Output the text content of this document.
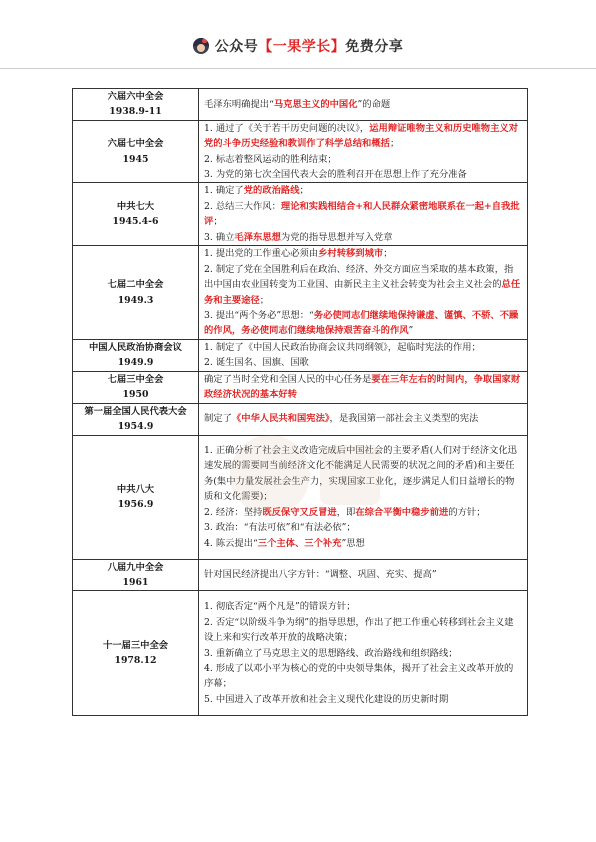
公众号【一果学长】免费分享
六届六中全会
1938.9-11	毛泽东明确提出“马克思主义的中国化”的命题

六届七中全会
1945	1. 通过了《关于若干历史问题的决议》，运用辩证唯物主义和历史唯物主义对党的斗争历史经验和教训作了科学总结和概括；
2. 标志着整风运动的胜利结束；
3. 为党的第七次全国代表大会的胜利召开在思想上作了充分准备

中共七大
1945.4-6	1. 确定了党的政治路线；
2. 总结三大作风：理论和实践相结合+和人民群众紧密地联系在一起+自我批评；
3. 确立毛泽东思想为党的指导思想并写入党章

七届二中全会
1949.3	1. 提出党的工作重心必须由乡村转移到城市；
2. 制定了党在全国胜利后在政治、经济、外交方面应当采取的基本政策，指出中国由农业国转变为工业国、由新民主主义社会转变为社会主义社会的总任务和主要途径；
3. 提出“两个务必”思想：“务必使同志们继续地保持谦虚、谨慎、不骄、不躁的作风，务必使同志们继续地保持艰苦奋斗的作风”

中国人民政治协商会议
1949.9	1. 制定了《中国人民政治协商会议共同纲领》，起临时宪法的作用；
2. 诞生国名、国旗、国歌

七届三中全会
1950	确定了当时全党和全国人民的中心任务是要在三年左右的时间内，争取国家财政经济状况的基本好转

第一届全国人民代表大会
1954.9	制定了《中华人民共和国宪法》，是我国第一部社会主义类型的宪法

中共八大
1956.9	1. 正确分析了社会主义改造完成后中国社会的主要矛盾(人们对于经济文化迅速发展的需要同当前经济文化不能满足人民需要的状况之间的矛盾)和主要任务(集中力量发展社会生产力，实现国家工业化，逐步满足人们日益增长的物质和文化需要)；
2. 经济：坚持既反保守又反冒进，即在综合平衡中稳步前进的方针；
3. 政治：“有法可依”和“有法必依”；
4. 陈云提出“三个主体、三个补充”思想

八届九中全会
1961	针对国民经济提出八字方针：“调整、巩固、充实、提高”

十一届三中全会
1978.12	1. 彻底否定“两个凡是”的错误方针；
2. 否定“以阶级斗争为纲”的指导思想，作出了把工作重心转移到社会主义建设上来和实行改革开放的战略决策；
3. 重新确立了马克思主义的思想路线、政治路线和组织路线；
4. 形成了以邓小平为核心的党的中央领导集体，揭开了社会主义改革开放的序幕；
5. 中国进入了改革开放和社会主义现代化建设的历史新时期
